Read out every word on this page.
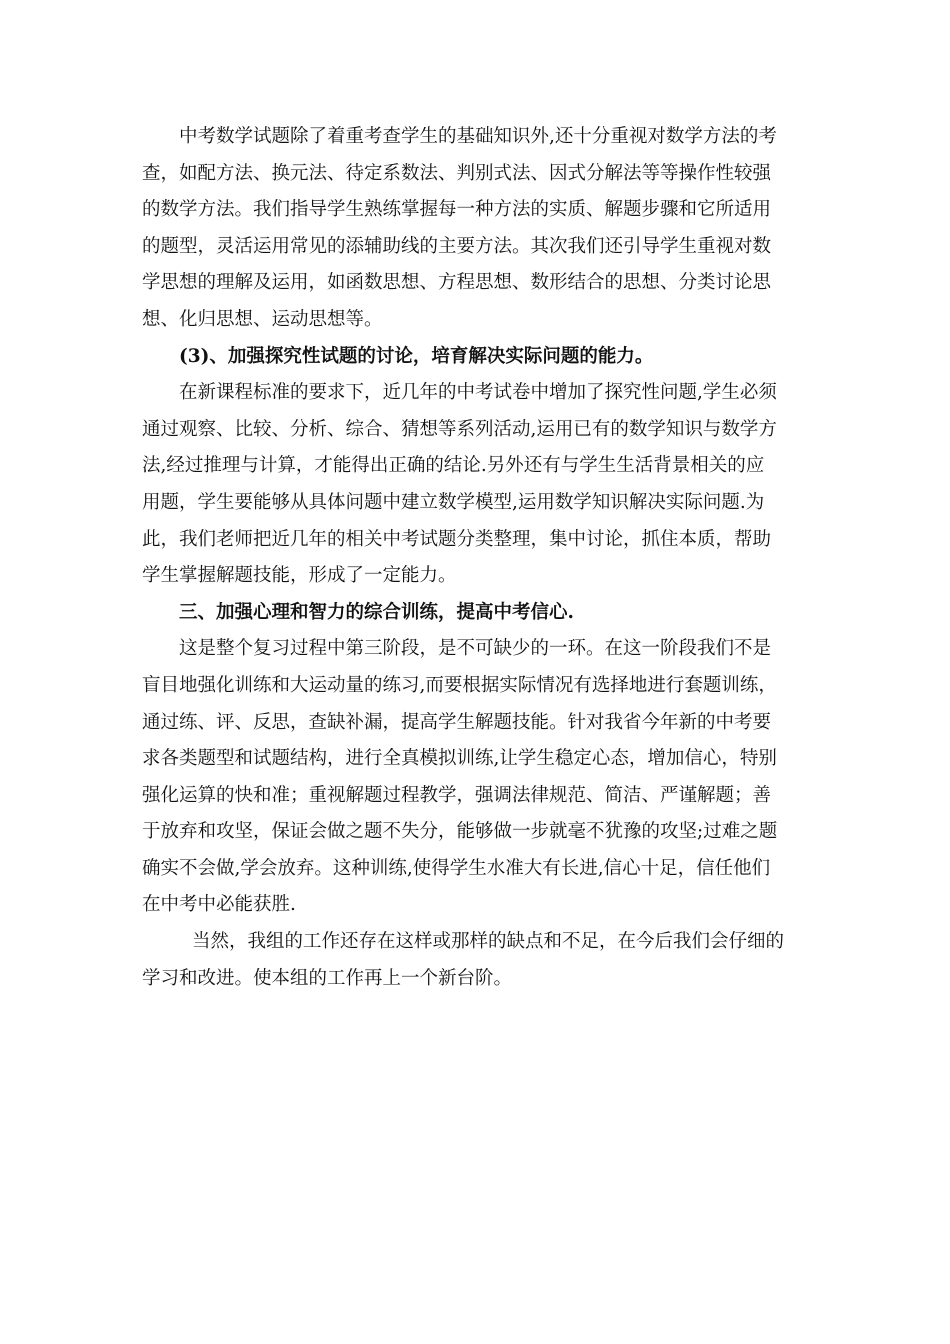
中考数学试题除了着重考查学生的基础知识外,还十分重视对数学方法的考
查，如配方法、换元法、待定系数法、判别式法、因式分解法等等操作性较强
的数学方法。我们指导学生熟练掌握每一种方法的实质、解题步骤和它所适用
的题型，灵活运用常见的添辅助线的主要方法。其次我们还引导学生重视对数
学思想的理解及运用，如函数思想、方程思想、数形结合的思想、分类讨论思
想、化归思想、运动思想等。
(3)、加强探究性试题的讨论，培育解决实际问题的能力。
在新课程标准的要求下，近几年的中考试卷中增加了探究性问题,学生必须
通过观察、比较、分析、综合、猜想等系列活动,运用已有的数学知识与数学方
法,经过推理与计算，才能得出正确的结论.另外还有与学生生活背景相关的应
用题，学生要能够从具体问题中建立数学模型,运用数学知识解决实际问题.为
此，我们老师把近几年的相关中考试题分类整理，集中讨论，抓住本质，帮助
学生掌握解题技能，形成了一定能力。
三、加强心理和智力的综合训练，提高中考信心.
这是整个复习过程中第三阶段，是不可缺少的一环。在这一阶段我们不是
盲目地强化训练和大运动量的练习,而要根据实际情况有选择地进行套题训练，
通过练、评、反思，查缺补漏，提高学生解题技能。针对我省今年新的中考要
求各类题型和试题结构，进行全真模拟训练,让学生稳定心态，增加信心，特别
强化运算的快和准；重视解题过程教学，强调法律规范、简洁、严谨解题；善
于放弃和攻坚，保证会做之题不失分，能够做一步就毫不犹豫的攻坚;过难之题
确实不会做,学会放弃。这种训练,使得学生水准大有长进,信心十足，信任他们
在中考中必能获胜.
当然，我组的工作还存在这样或那样的缺点和不足，在今后我们会仔细的
学习和改进。使本组的工作再上一个新台阶。
